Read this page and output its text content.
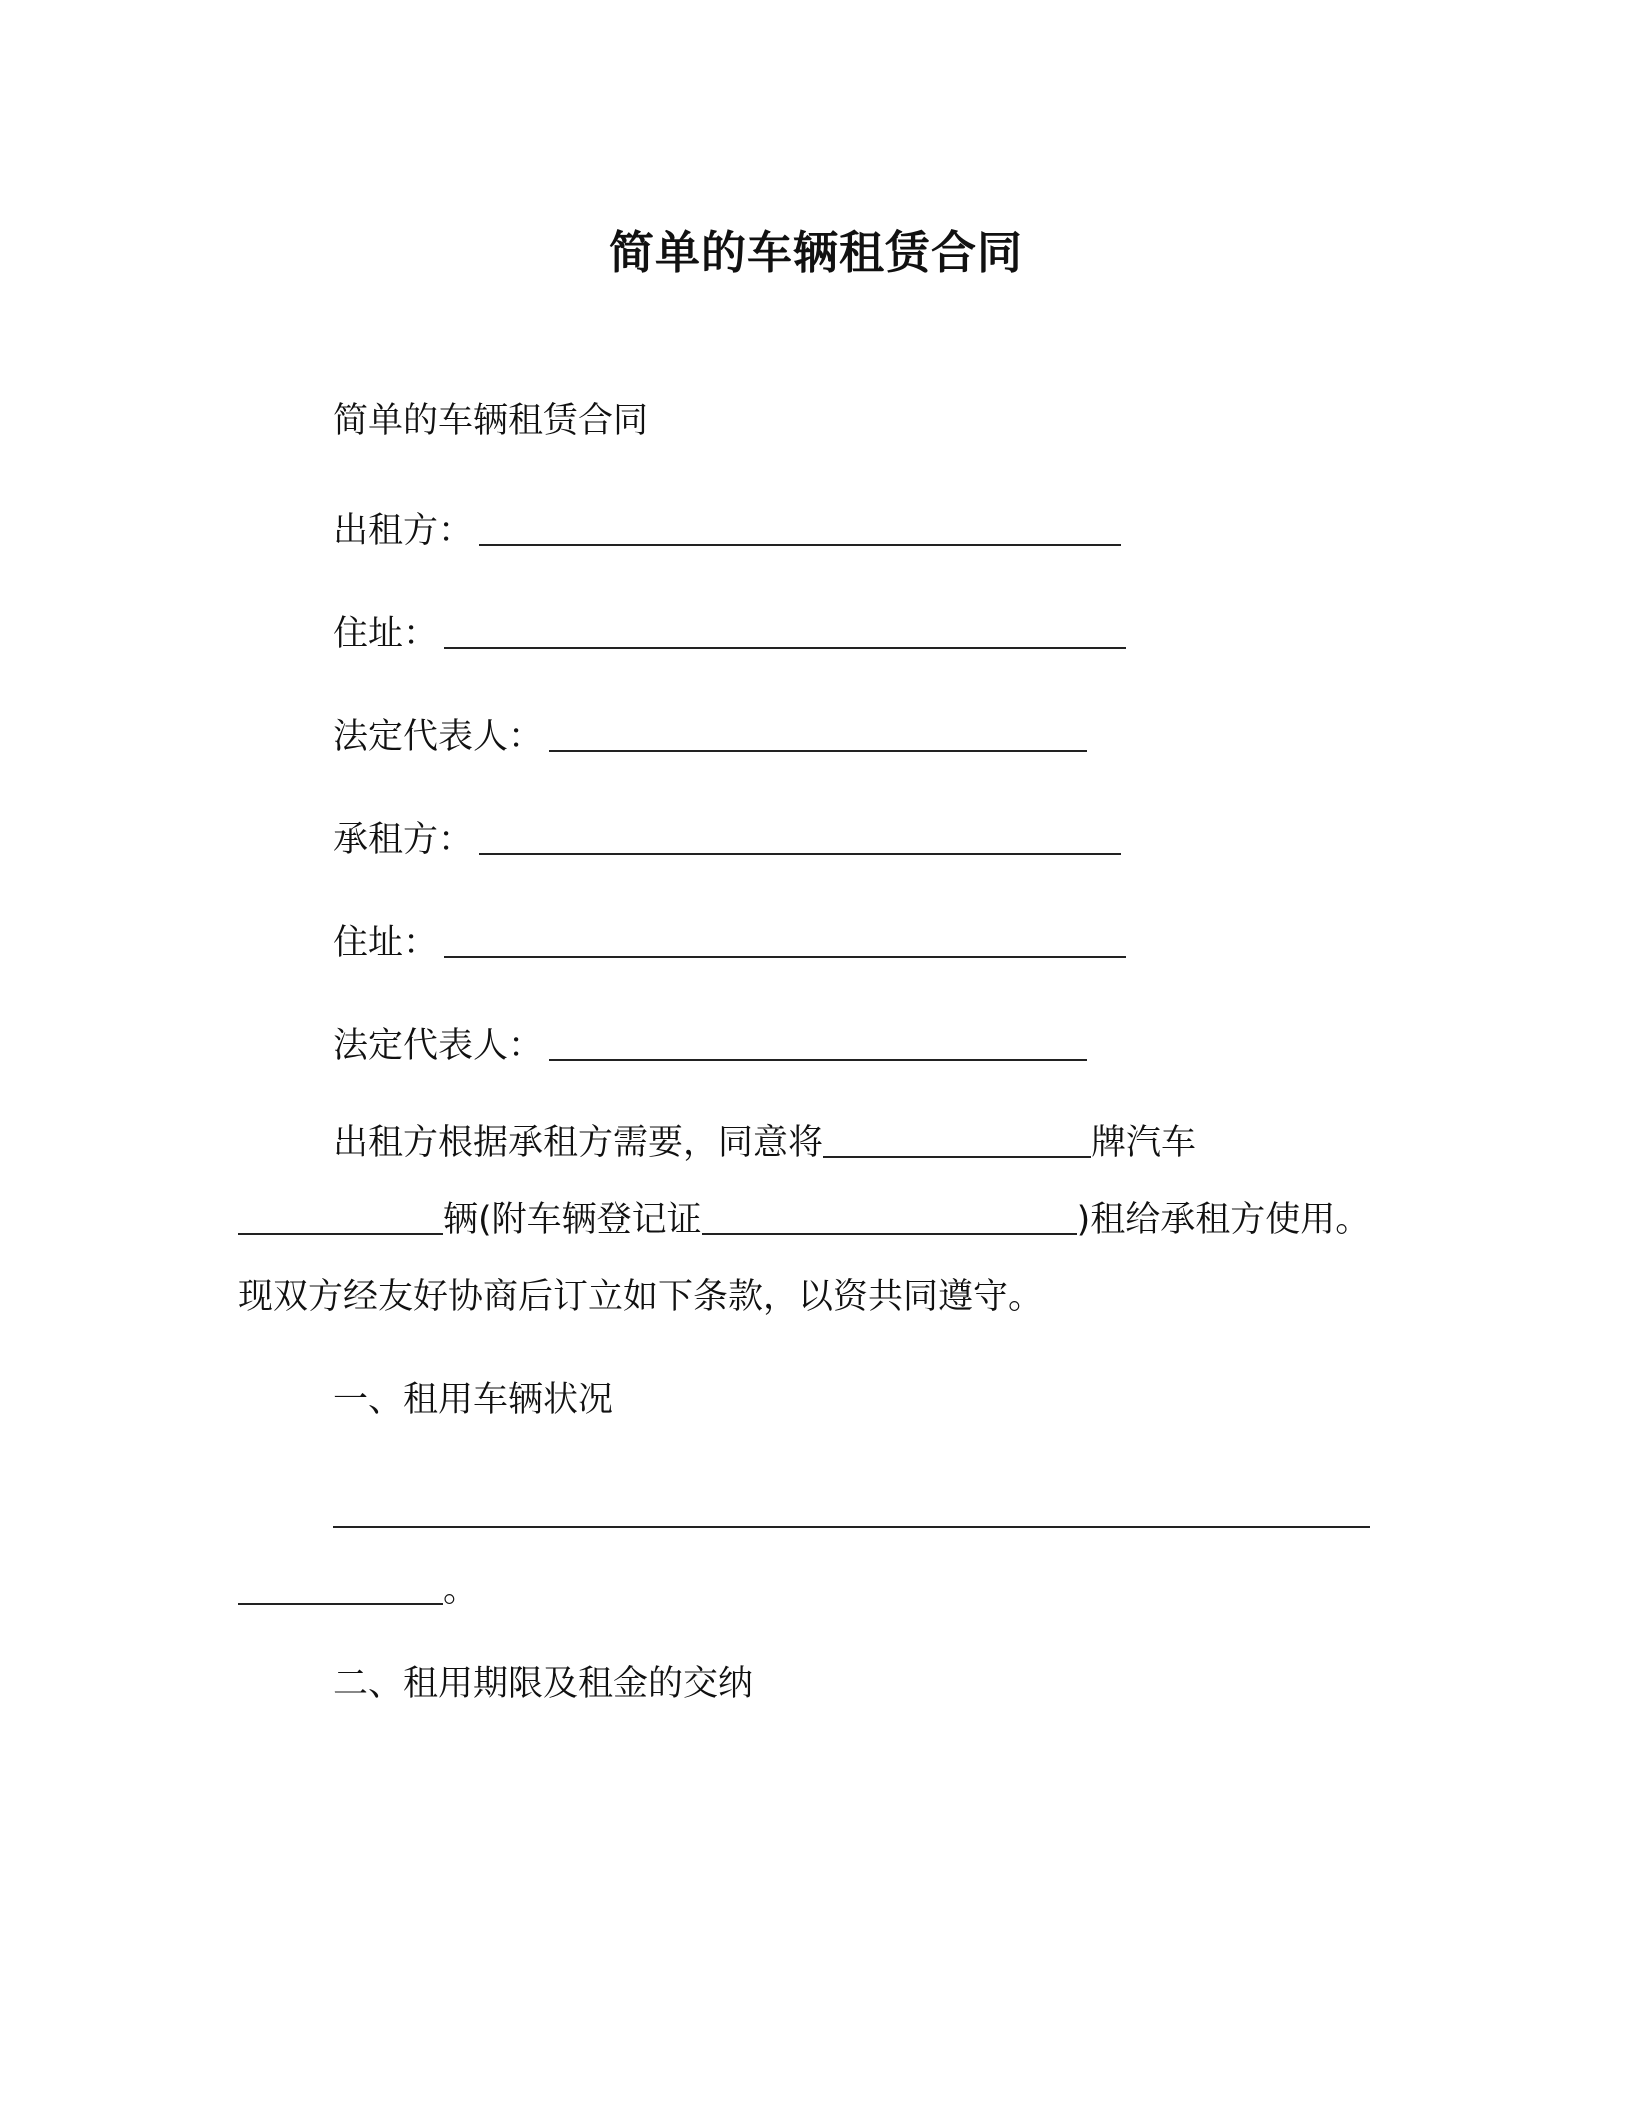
简单的车辆租赁合同
简单的车辆租赁合同
出租方：
住址：
法定代表人：
承租方：
住址：
法定代表人：
出租方根据承租方需要，同意将	牌汽车
辆(附车辆登记证	)租给承租方使用。
现双方经友好协商后订立如下条款，以资共同遵守。
一、租用车辆状况
。
二、租用期限及租金的交纳
